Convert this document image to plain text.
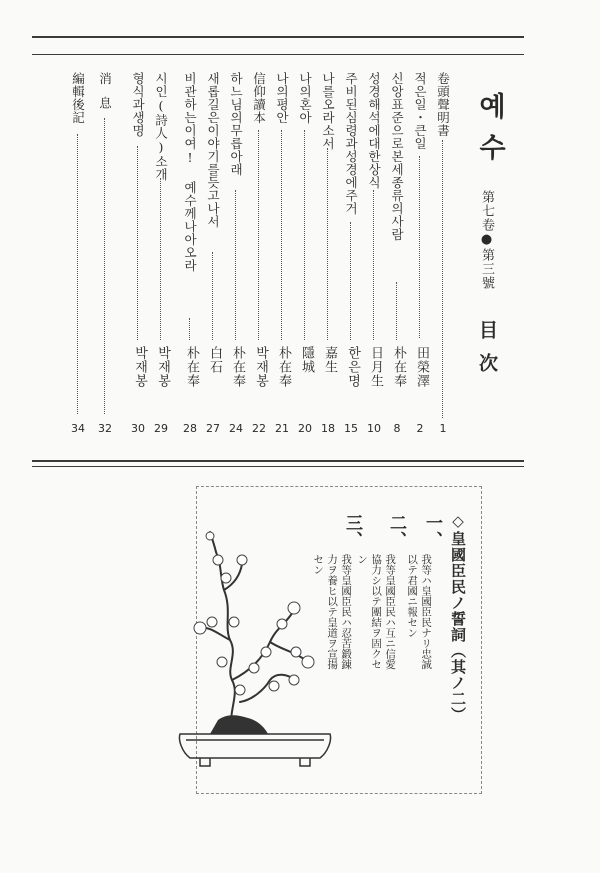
예수
第七卷●第三號
目次
卷頭聲明書
1
적은일・큰일
田榮澤
2
신앙표준으로본세종류의사람
朴在奉
8
성경해석에대한상식
日月生
10
주비된심령과성경에주거
한은명
15
나를오라소서
嘉生
18
나의혼아
隱城
20
나의평안
朴在奉
21
信仰讀本
박재봉
22
하느님의무릅아래
朴在奉
24
새롭길은이야기를듯고나서
白石
27
비관하는이여! 예수께나아오라
朴在奉
28
시인(詩人)소개
박재봉
29
형식과생명
박재봉
30
消息
32
編輯後記
34
◇皇國臣民ノ誓詞（其ノ二）
一、
我等ハ皇國臣民ナリ忠誠
以テ君國ニ報セン
二、
我等皇國臣民ハ互ニ信愛
協力シ以テ團結ヲ固クセ
ン
三、
我等皇國臣民ハ忍苦鍛錬
力ヲ養ヒ以テ皇道ヲ宣揚
セン
